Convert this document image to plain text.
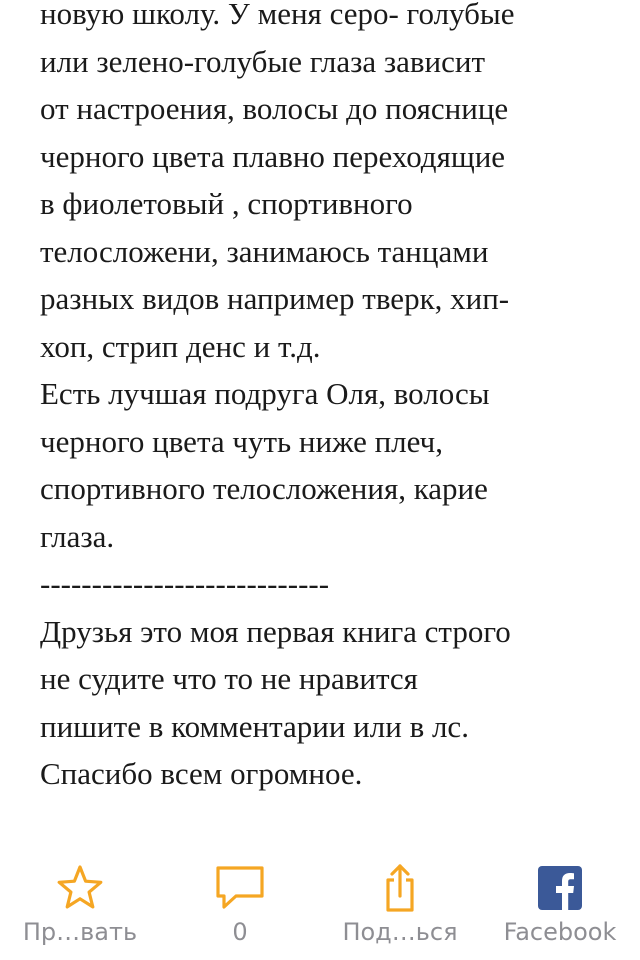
новую школу. У меня серо- голубые
или зелено-голубые глаза зависит
от настроения, волосы до пояснице
черного цвета плавно переходящие
в фиолетовый , спортивного
телосложени, занимаюсь танцами
разных видов например тверк, хип-
хоп, стрип денс и т.д.
Есть лучшая подруга Оля, волосы
черного цвета чуть ниже плеч,
спортивного телосложения, карие
глаза.
----------------------------
Друзья это моя первая книга строго
не судите что то не нравится
пишите в комментарии или в лс.
Спасибо всем огромное.
Пр…вать	0	Под…ься	Facebook
